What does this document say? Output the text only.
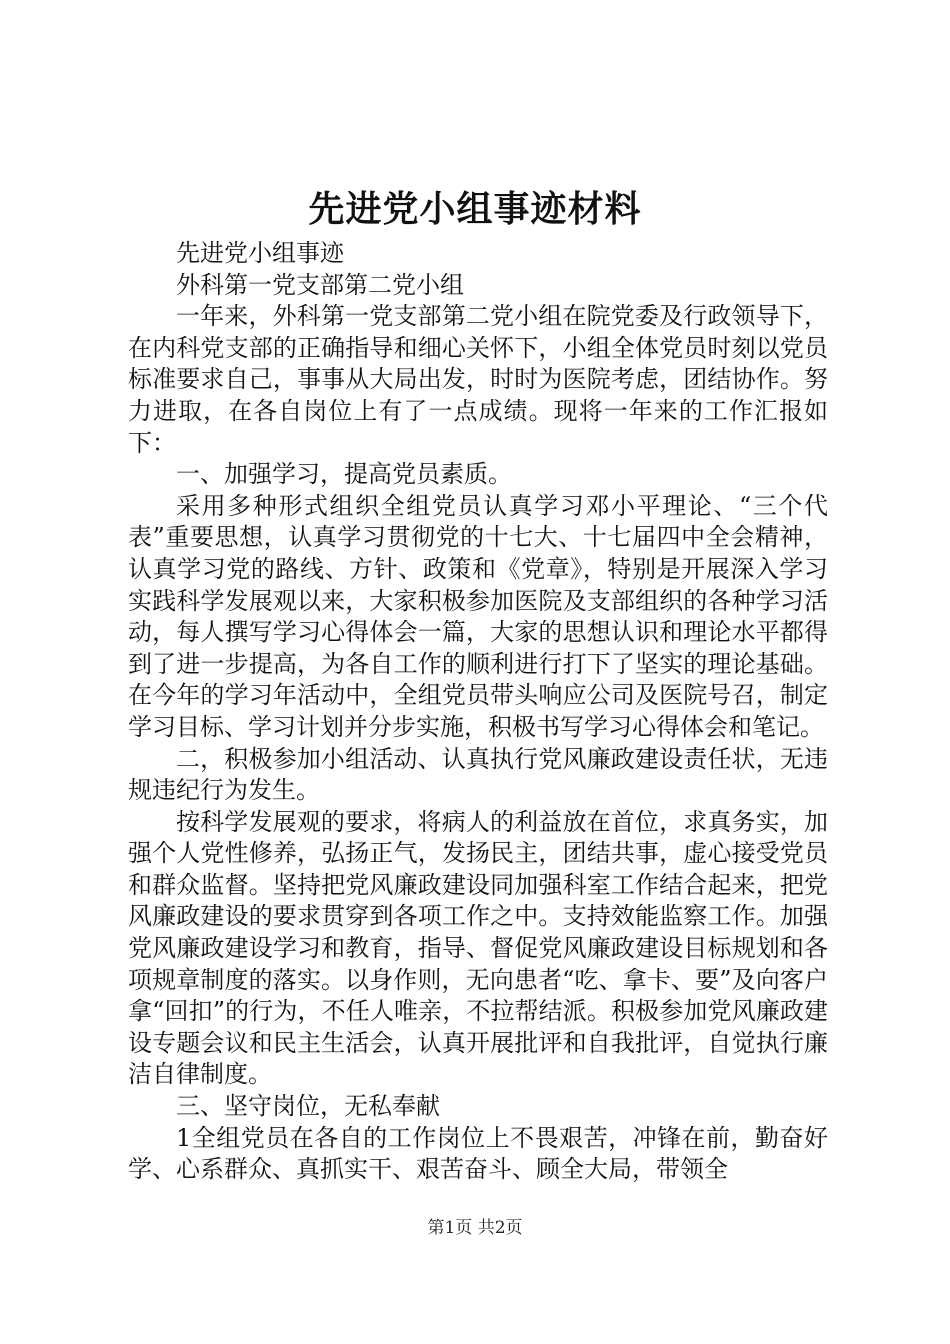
先进党小组事迹材料

先进党小组事迹

外科第一党支部第二党小组

一年来，外科第一党支部第二党小组在院党委及行政领导下，在内科党支部的正确指导和细心关怀下，小组全体党员时刻以党员标准要求自己，事事从大局出发，时时为医院考虑，团结协作。努力进取，在各自岗位上有了一点成绩。现将一年来的工作汇报如下：

一、加强学习，提高党员素质。

采用多种形式组织全组党员认真学习邓小平理论、“三个代表”重要思想，认真学习贯彻党的十七大、十七届四中全会精神，认真学习党的路线、方针、政策和《党章》，特别是开展深入学习实践科学发展观以来，大家积极参加医院及支部组织的各种学习活动，每人撰写学习心得体会一篇，大家的思想认识和理论水平都得到了进一步提高，为各自工作的顺利进行打下了坚实的理论基础。在今年的学习年活动中，全组党员带头响应公司及医院号召，制定学习目标、学习计划并分步实施，积极书写学习心得体会和笔记。

二，积极参加小组活动、认真执行党风廉政建设责任状，无违规违纪行为发生。

按科学发展观的要求，将病人的利益放在首位，求真务实，加强个人党性修养，弘扬正气，发扬民主，团结共事，虚心接受党员和群众监督。坚持把党风廉政建设同加强科室工作结合起来，把党风廉政建设的要求贯穿到各项工作之中。支持效能监察工作。加强党风廉政建设学习和教育，指导、督促党风廉政建设目标规划和各项规章制度的落实。以身作则，无向患者“吃、拿卡、要”及向客户拿“回扣”的行为，不任人唯亲，不拉帮结派。积极参加党风廉政建设专题会议和民主生活会，认真开展批评和自我批评，自觉执行廉洁自律制度。

三、坚守岗位，无私奉献

1全组党员在各自的工作岗位上不畏艰苦，冲锋在前，勤奋好学、心系群众、真抓实干、艰苦奋斗、顾全大局，带领全

第1页 共2页
